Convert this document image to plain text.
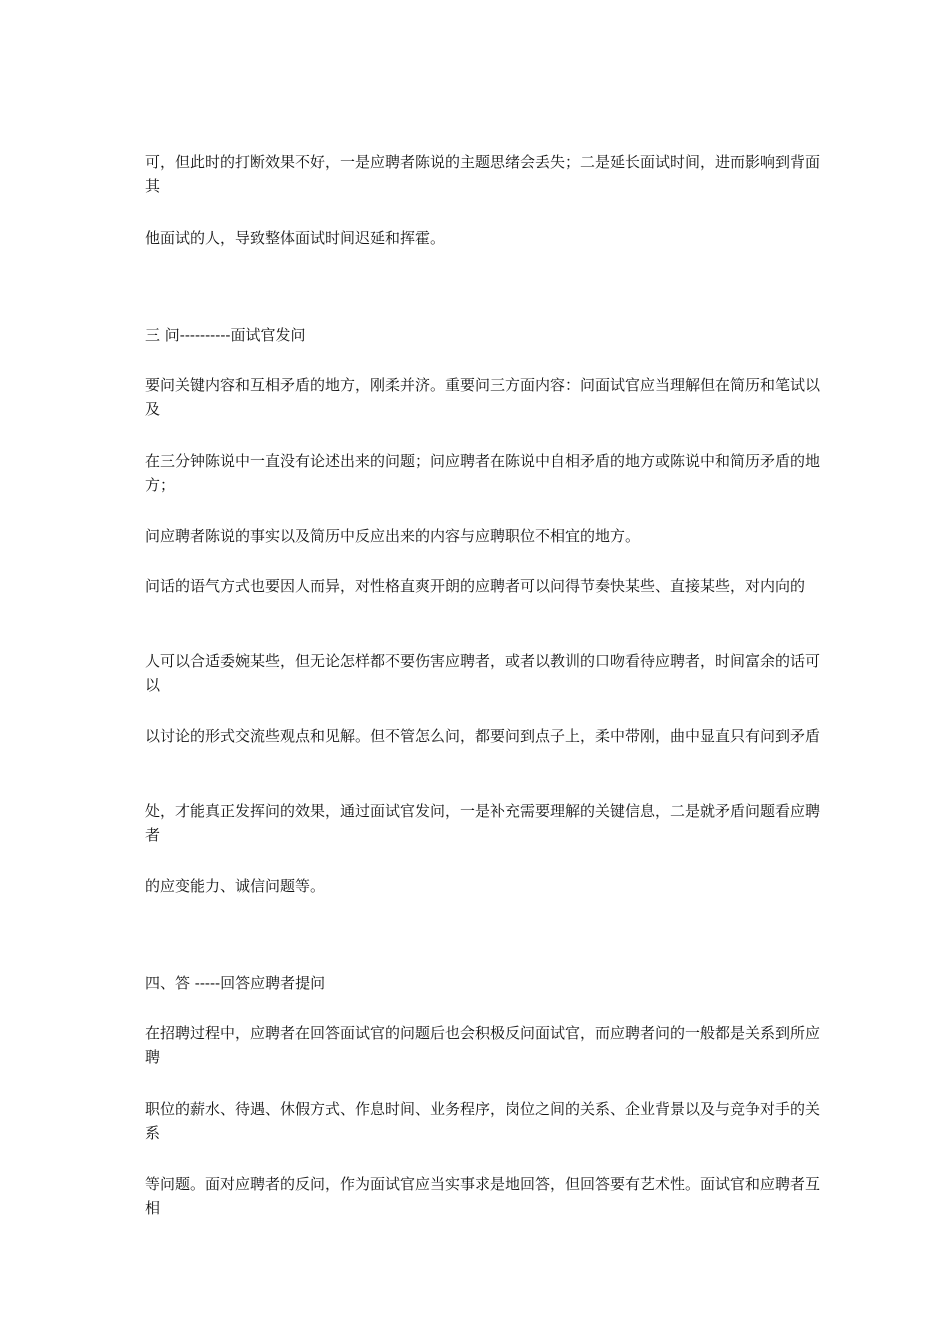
可，但此时的打断效果不好，一是应聘者陈说的主题思绪会丢失；二是延长面试时间，进而影响到背面其

他面试的人，导致整体面试时间迟延和挥霍。

三 问----------面试官发问

要问关键内容和互相矛盾的地方，刚柔并济。重要问三方面内容：问面试官应当理解但在简历和笔试以及

在三分钟陈说中一直没有论述出来的问题；问应聘者在陈说中自相矛盾的地方或陈说中和简历矛盾的地方；

问应聘者陈说的事实以及简历中反应出来的内容与应聘职位不相宜的地方。

问话的语气方式也要因人而异，对性格直爽开朗的应聘者可以问得节奏快某些、直接某些，对内向的

人可以合适委婉某些，但无论怎样都不要伤害应聘者，或者以教训的口吻看待应聘者，时间富余的话可以

以讨论的形式交流些观点和见解。但不管怎么问，都要问到点子上，柔中带刚，曲中显直只有问到矛盾

处，才能真正发挥问的效果，通过面试官发问，一是补充需要理解的关键信息，二是就矛盾问题看应聘者

的应变能力、诚信问题等。

四、答 -----回答应聘者提问

在招聘过程中，应聘者在回答面试官的问题后也会积极反问面试官，而应聘者问的一般都是关系到所应聘

职位的薪水、待遇、休假方式、作息时间、业务程序，岗位之间的关系、企业背景以及与竞争对手的关系

等问题。面对应聘者的反问，作为面试官应当实事求是地回答，但回答要有艺术性。面试官和应聘者互相
